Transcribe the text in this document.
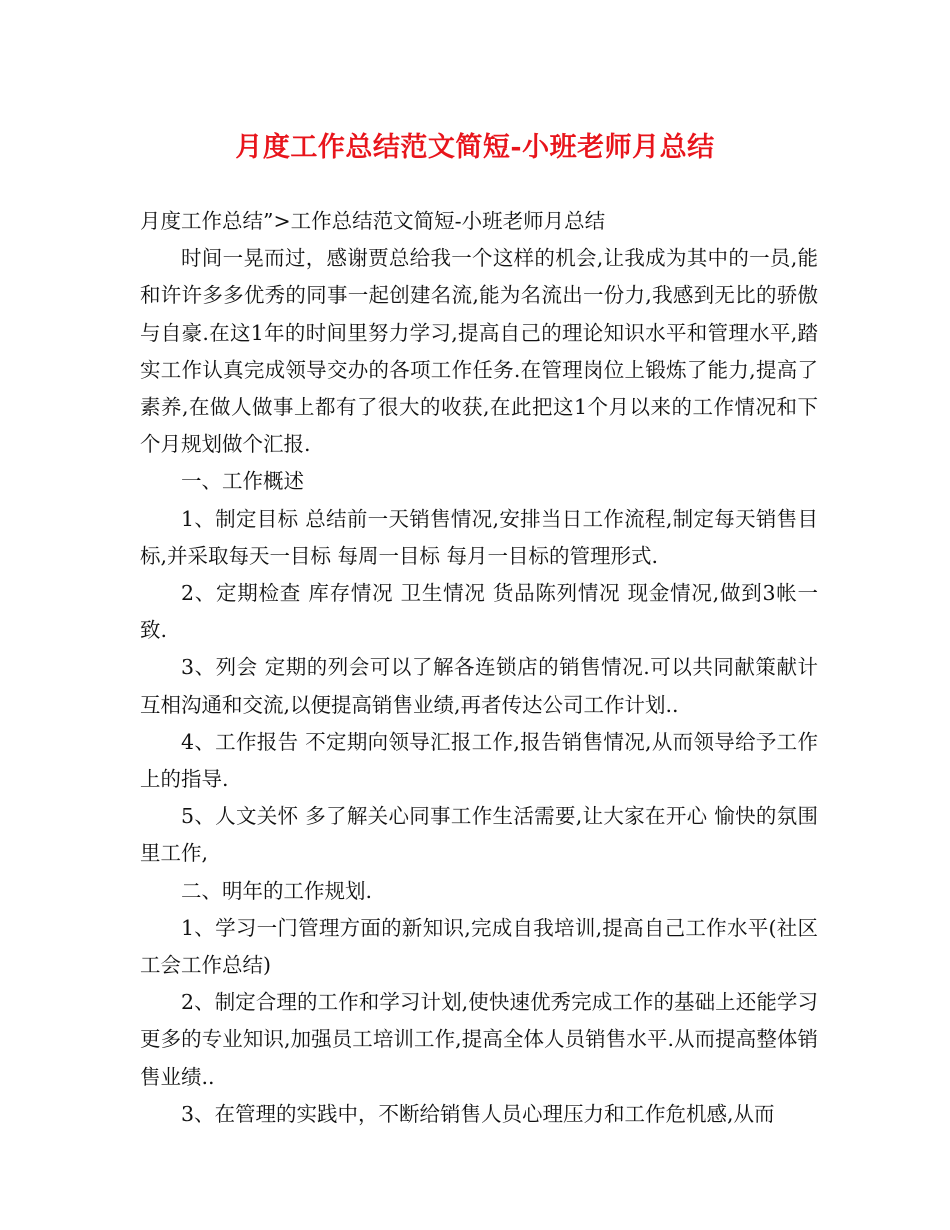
月度工作总结范文简短-小班老师月总结

月度工作总结”>工作总结范文简短-小班老师月总结

时间一晃而过，感谢贾总给我一个这样的机会,让我成为其中的一员,能和许许多多优秀的同事一起创建名流,能为名流出一份力,我感到无比的骄傲与自豪.在这1年的时间里努力学习,提高自己的理论知识水平和管理水平,踏实工作认真完成领导交办的各项工作任务.在管理岗位上锻炼了能力,提高了素养,在做人做事上都有了很大的收获,在此把这1个月以来的工作情况和下个月规划做个汇报.

一、工作概述

1、制定目标 总结前一天销售情况,安排当日工作流程,制定每天销售目标,并采取每天一目标 每周一目标 每月一目标的管理形式.

2、定期检查 库存情况 卫生情况 货品陈列情况 现金情况,做到3帐一致.

3、列会 定期的列会可以了解各连锁店的销售情况.可以共同献策献计互相沟通和交流,以便提高销售业绩,再者传达公司工作计划..

4、工作报告 不定期向领导汇报工作,报告销售情况,从而领导给予工作上的指导.

5、人文关怀 多了解关心同事工作生活需要,让大家在开心 愉快的氛围里工作,

二、明年的工作规划.

1、学习一门管理方面的新知识,完成自我培训,提高自己工作水平(社区工会工作总结)

2、制定合理的工作和学习计划,使快速优秀完成工作的基础上还能学习更多的专业知识,加强员工培训工作,提高全体人员销售水平.从而提高整体销售业绩..

3、在管理的实践中，不断给销售人员心理压力和工作危机感,从而
